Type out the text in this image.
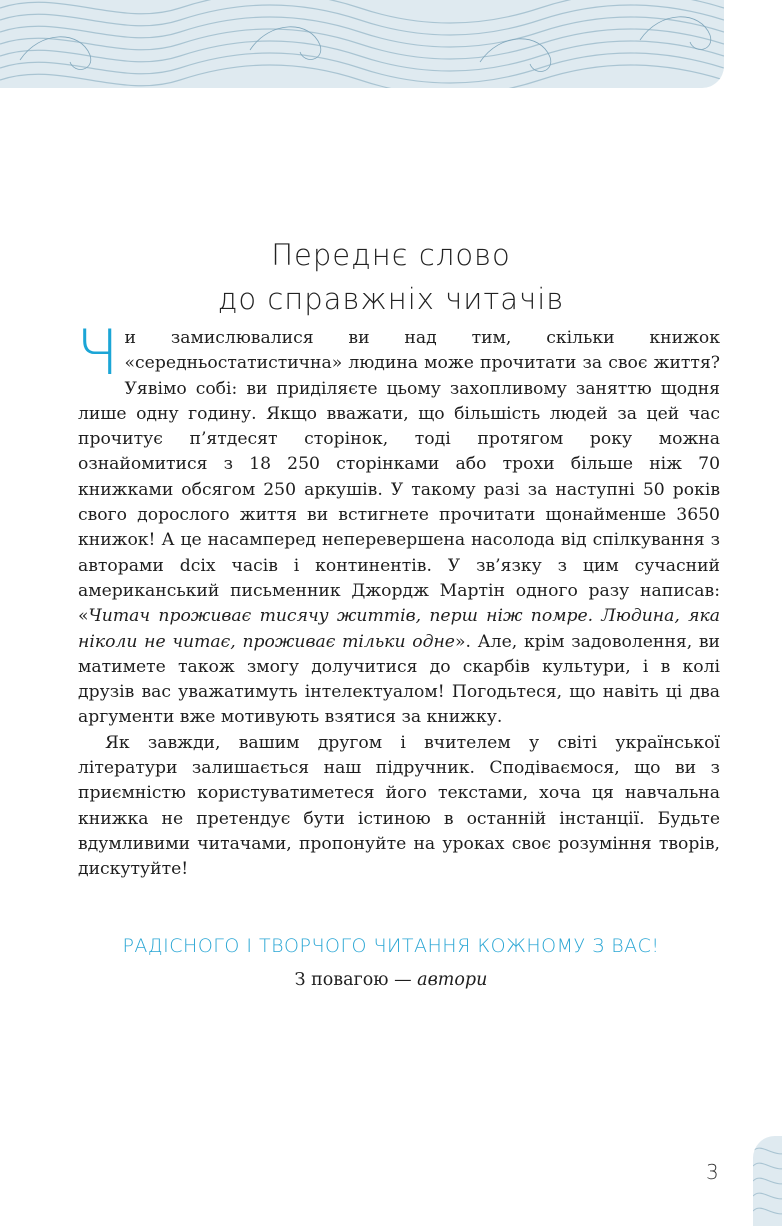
Переднє слово
до справжніх читачів

Чи замислювалися ви над тим, скільки книжок «середньостатистична» людина може прочитати за своє життя? Уявімо собі: ви приділяєте цьому захопливому заняттю щодня лише одну годину. Якщо вважати, що більшість людей за цей час прочитує п’ятдесят сторінок, тоді протягом року можна ознайомитися з 18 250 сторінками або трохи більше ніж 70 книжками обсягом 250 аркушів. У такому разі за наступні 50 років свого дорослого життя ви встигнете прочитати щонайменше 3650 книжок! А це насамперед неперевершена насолода від спілкування з авторами dсіх часів і континентів. У зв’язку з цим сучасний американський письменник Джордж Мартін одного разу написав: «Читач проживає тисячу життів, перш ніж помре. Людина, яка ніколи не читає, проживає тільки одне». Але, крім задоволення, ви матимете також змогу долучитися до скарбів культури, і в колі друзів вас уважатимуть інтелектуалом! Погодьтеся, що навіть ці два аргументи вже мотивують взятися за книжку.

Як завжди, вашим другом і вчителем у світі української літератури залишається наш підручник. Сподіваємося, що ви з приємністю користуватиметеся його текстами, хоча ця навчальна книжка не претендує бути істиною в останній інстанції. Будьте вдумливими читачами, пропонуйте на уроках своє розуміння творів, дискутуйте!

РАДІСНОГО І ТВОРЧОГО ЧИТАННЯ КОЖНОМУ З ВАС!
З повагою — автори
3
